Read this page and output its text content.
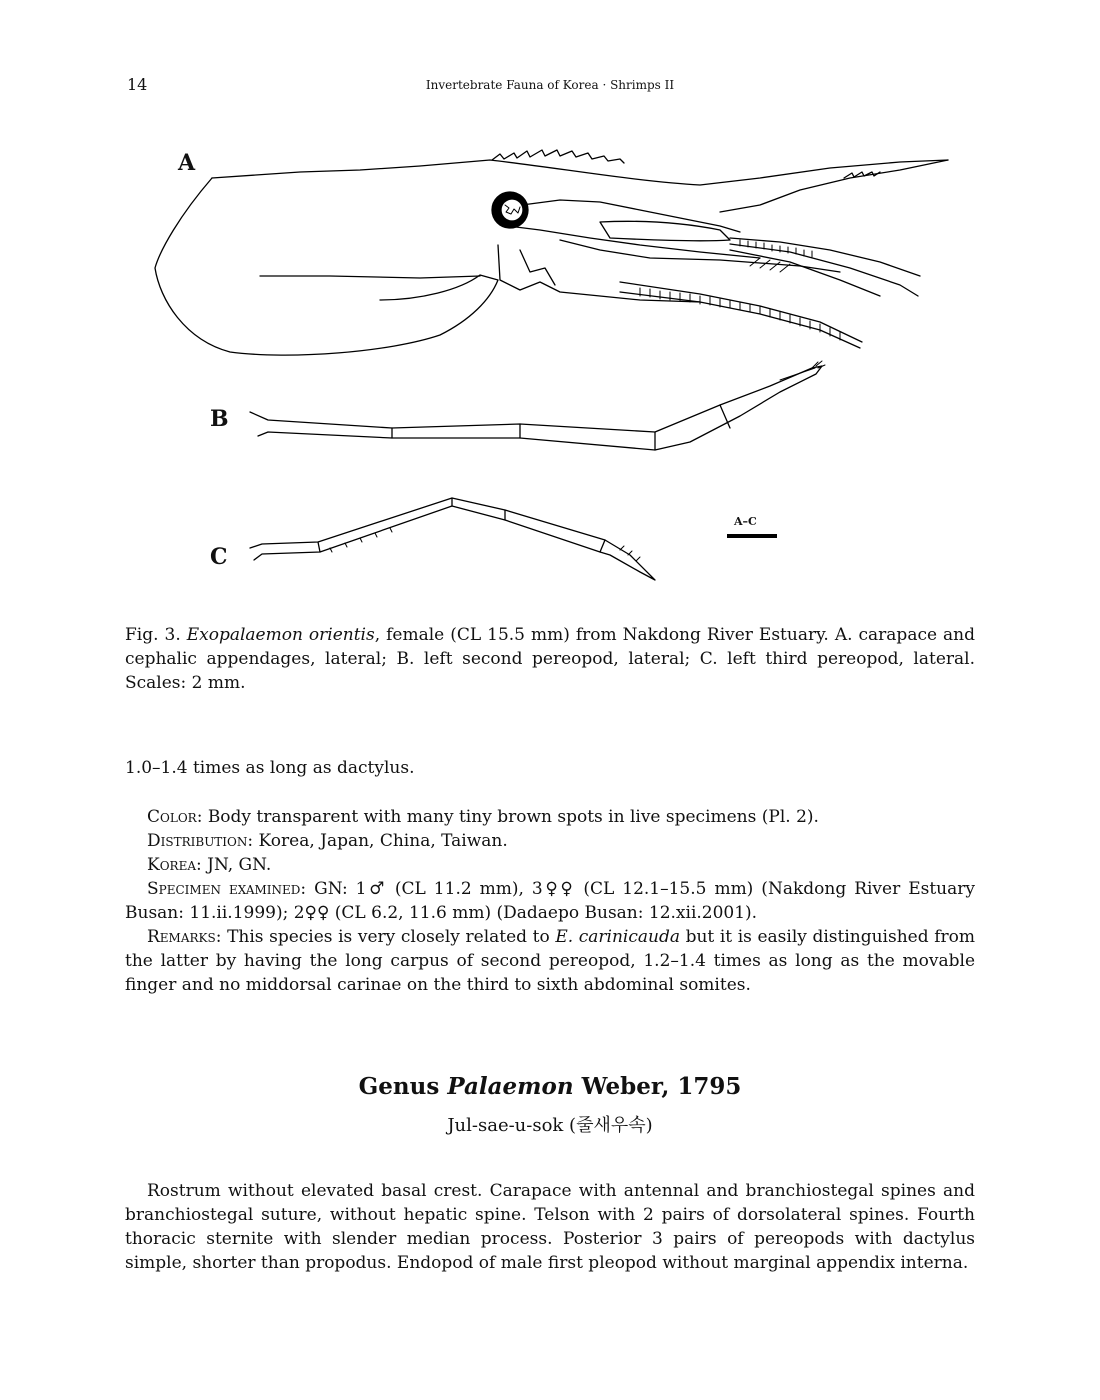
14	Invertebrate Fauna of Korea · Shrimps II
A
B
C
A–C
Fig. 3. Exopalaemon orientis, female (CL 15.5 mm) from Nakdong River Estuary. A. carapace and cephalic appendages, lateral; B. left second pereopod, lateral; C. left third pereopod, lateral. Scales: 2 mm.
1.0–1.4 times as long as dactylus.

Color: Body transparent with many tiny brown spots in live specimens (Pl. 2).

Distribution: Korea, Japan, China, Taiwan.

Korea: JN, GN.

Specimen examined: GN: 1♂ (CL 11.2 mm), 3♀♀ (CL 12.1–15.5 mm) (Nakdong River Estuary Busan: 11.ii.1999); 2♀♀ (CL 6.2, 11.6 mm) (Dadaepo Busan: 12.xii.2001).

Remarks: This species is very closely related to E. carinicauda but it is easily distinguished from the latter by having the long carpus of second pereopod, 1.2–1.4 times as long as the movable finger and no middorsal carinae on the third to sixth abdominal somites.

Genus Palaemon Weber, 1795
Jul-sae-u-sok (줄새우속)

Rostrum without elevated basal crest. Carapace with antennal and branchiostegal spines and branchiostegal suture, without hepatic spine. Telson with 2 pairs of dorsolateral spines. Fourth thoracic sternite with slender median process. Posterior 3 pairs of pereopods with dactylus simple, shorter than propodus. Endopod of male first pleopod without marginal appendix interna.
